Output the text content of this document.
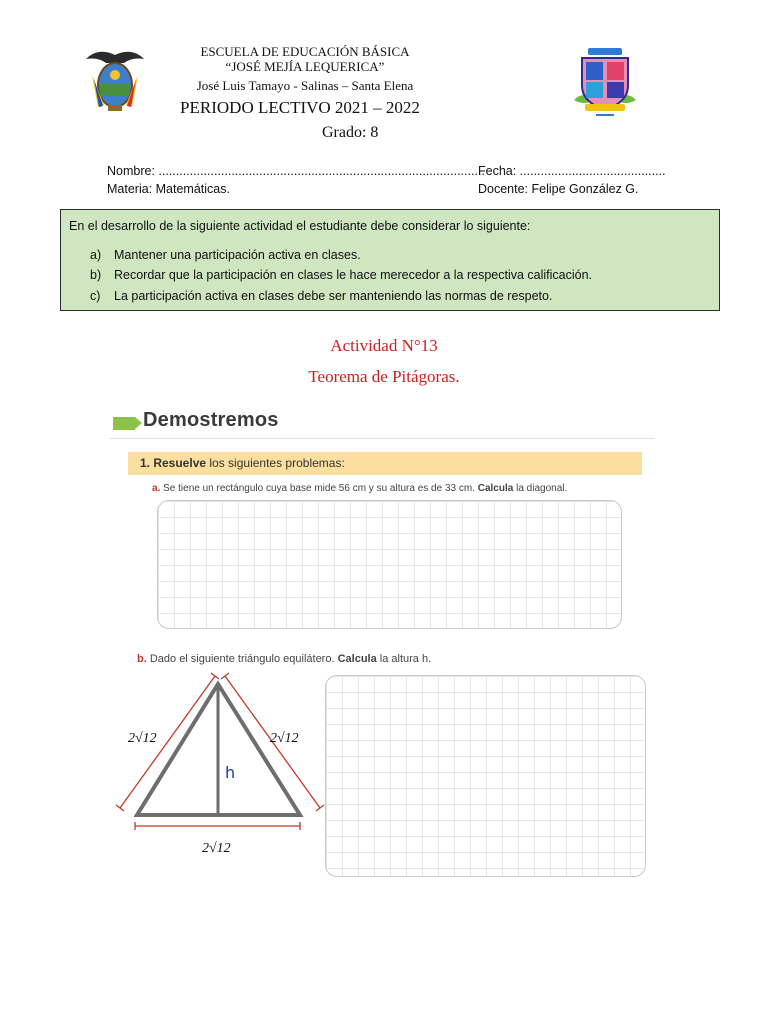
ESCUELA DE EDUCACIÓN BÁSICA
“JOSÉ MEJÍA LEQUERICA”
José Luis Tamayo - Salinas – Santa Elena
PERIODO LECTIVO 2021 – 2022
Grado: 8
Nombre: ..............................................................................................
Fecha: ..........................................
Materia: Matemáticas.	Docente: Felipe González G.
En el desarrollo de la siguiente actividad el estudiante debe considerar lo siguiente:
a) Mantener una participación activa en clases.
b) Recordar que la participación en clases le hace merecedor a la respectiva calificación.
c) La participación activa en clases debe ser manteniendo las normas de respeto.
Actividad N°13
Teorema de Pitágoras.
Demostremos
1. Resuelve los siguientes problemas:
a. Se tiene un rectángulo cuya base mide 56 cm y su altura es de 33 cm. Calcula la diagonal.
b. Dado el siguiente triángulo equilátero. Calcula la altura h.
h
2√12	2√12
2√12
